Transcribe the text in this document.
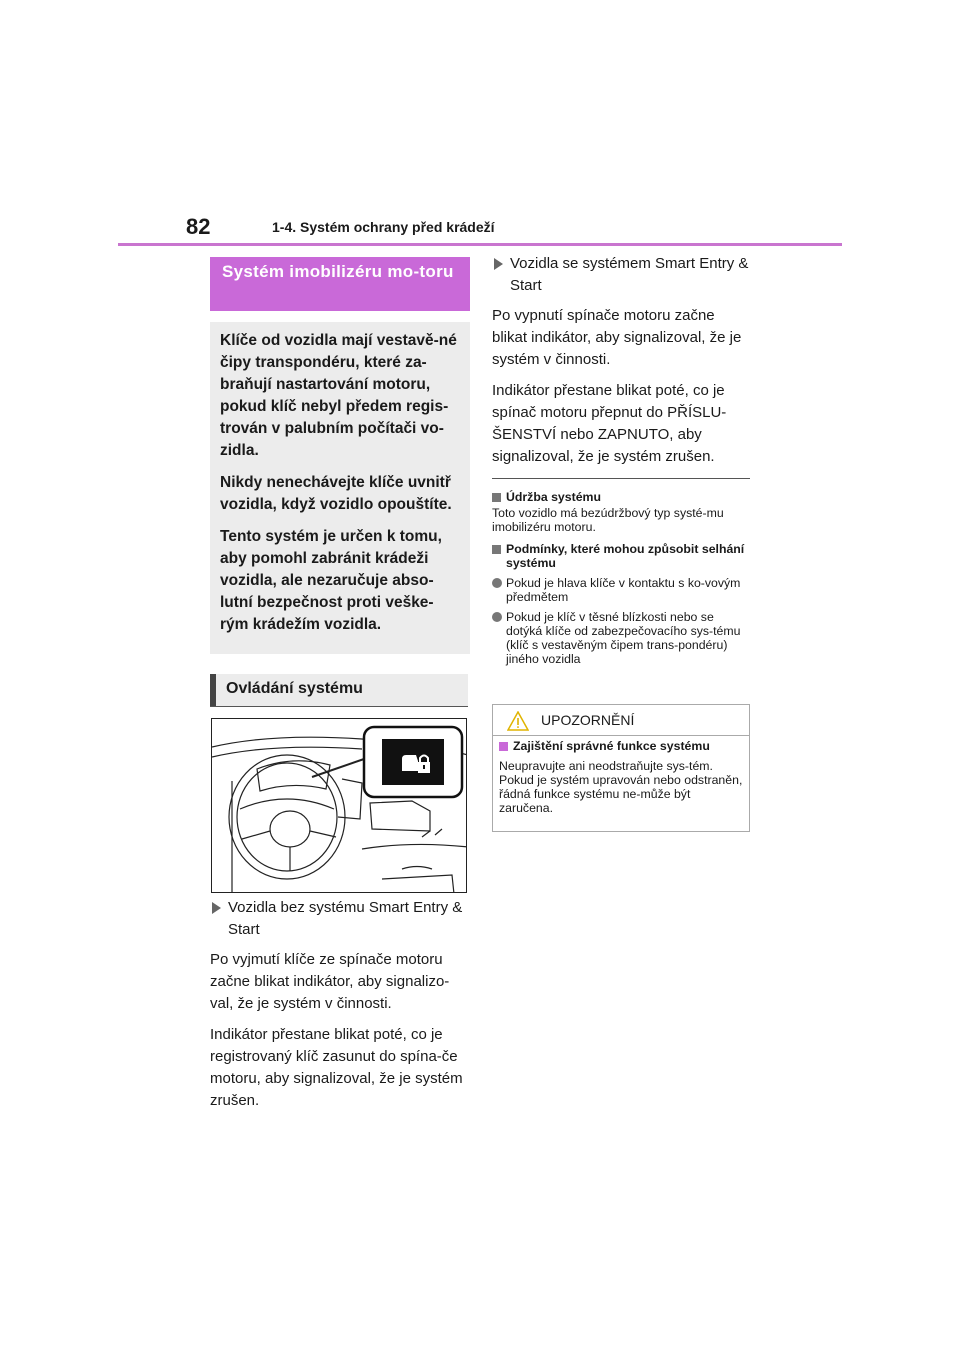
82	1-4. Systém ochrany před krádeží
Systém imobilizéru mo-toru

Klíče od vozidla mají vestavě-né čipy transpondéru, které za-braňují nastartování motoru, pokud klíč nebyl předem regis-trován v palubním počítači vo-zidla.

Nikdy nenechávejte klíče uvnitř vozidla, když vozidlo opouštíte.

Tento systém je určen k tomu, aby pomohl zabránit krádeži vozidla, ale nezaručuje abso-lutní bezpečnost proti veške-rým krádežím vozidla.

Ovládání systému
Vozidla bez systému Smart Entry & Start

Po vyjmutí klíče ze spínače motoru začne blikat indikátor, aby signalizo-val, že je systém v činnosti.

Indikátor přestane blikat poté, co je registrovaný klíč zasunut do spína-če motoru, aby signalizoval, že je systém zrušen.

Vozidla se systémem Smart Entry & Start

Po vypnutí spínače motoru začne blikat indikátor, aby signalizoval, že je systém v činnosti.

Indikátor přestane blikat poté, co je spínač motoru přepnut do PŘÍSLU-ŠENSTVÍ nebo ZAPNUTO, aby signalizoval, že je systém zrušen.

Údržba systému
Toto vozidlo má bezúdržbový typ systé-mu imobilizéru motoru.
Podmínky, které mohou způsobit selhání systému
Pokud je hlava klíče v kontaktu s ko-vovým předmětem
Pokud je klíč v těsné blízkosti nebo se dotýká klíče od zabezpečovacího sys-tému (klíč s vestavěným čipem trans-pondéru) jiného vozidla
UPOZORNĚNÍ
Zajištění správné funkce systému
Neupravujte ani neodstraňujte sys-tém. Pokud je systém upravován nebo odstraněn, řádná funkce systému ne-může být zaručena.
